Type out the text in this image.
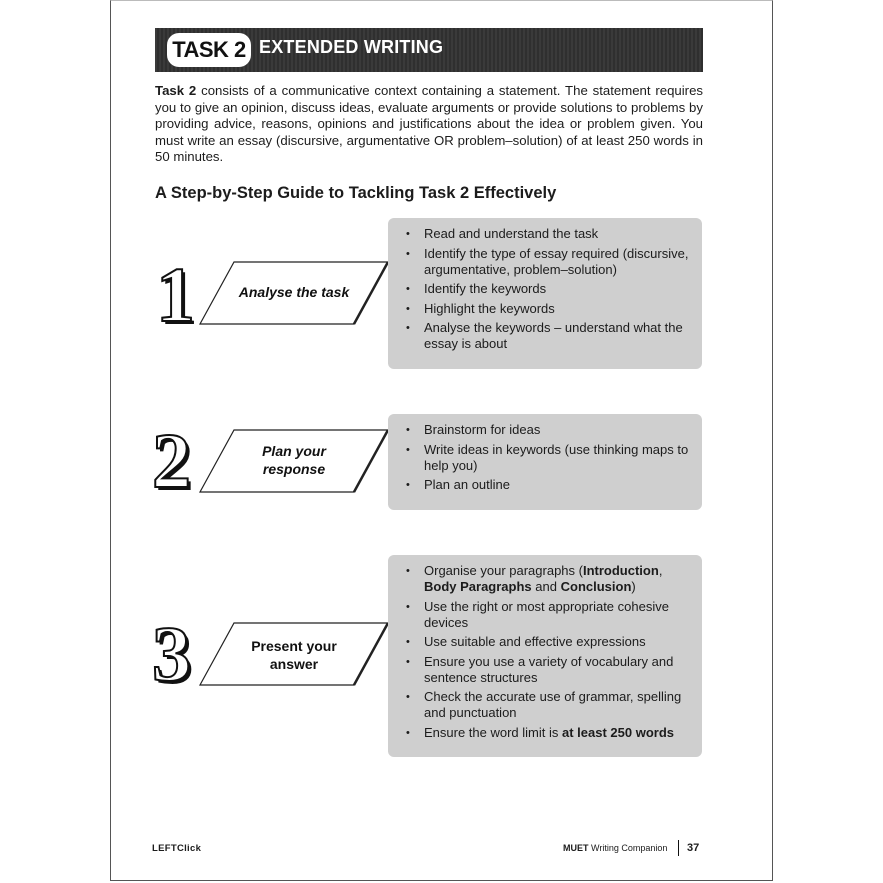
TASK 2 EXTENDED WRITING
Task 2 consists of a communicative context containing a statement. The statement requires you to give an opinion, discuss ideas, evaluate arguments or provide solutions to problems by providing advice, reasons, opinions and justifications about the idea or problem given. You must write an essay (discursive, argumentative OR problem–solution) of at least 250 words in 50 minutes.
A Step-by-Step Guide to Tackling Task 2 Effectively
1	Analyse the task
• Read and understand the task
• Identify the type of essay required (discursive, argumentative, problem–solution)
• Identify the keywords
• Highlight the keywords
• Analyse the keywords – understand what the essay is about
2	Plan your
response
• Brainstorm for ideas
• Write ideas in keywords (use thinking maps to help you)
• Plan an outline
3	Present your
answer
• Organise your paragraphs (Introduction, Body Paragraphs and Conclusion)
• Use the right or most appropriate cohesive devices
• Use suitable and effective expressions
• Ensure you use a variety of vocabulary and sentence structures
• Check the accurate use of grammar, spelling and punctuation
• Ensure the word limit is at least 250 words
LEFTClick	MUET Writing Companion 37
